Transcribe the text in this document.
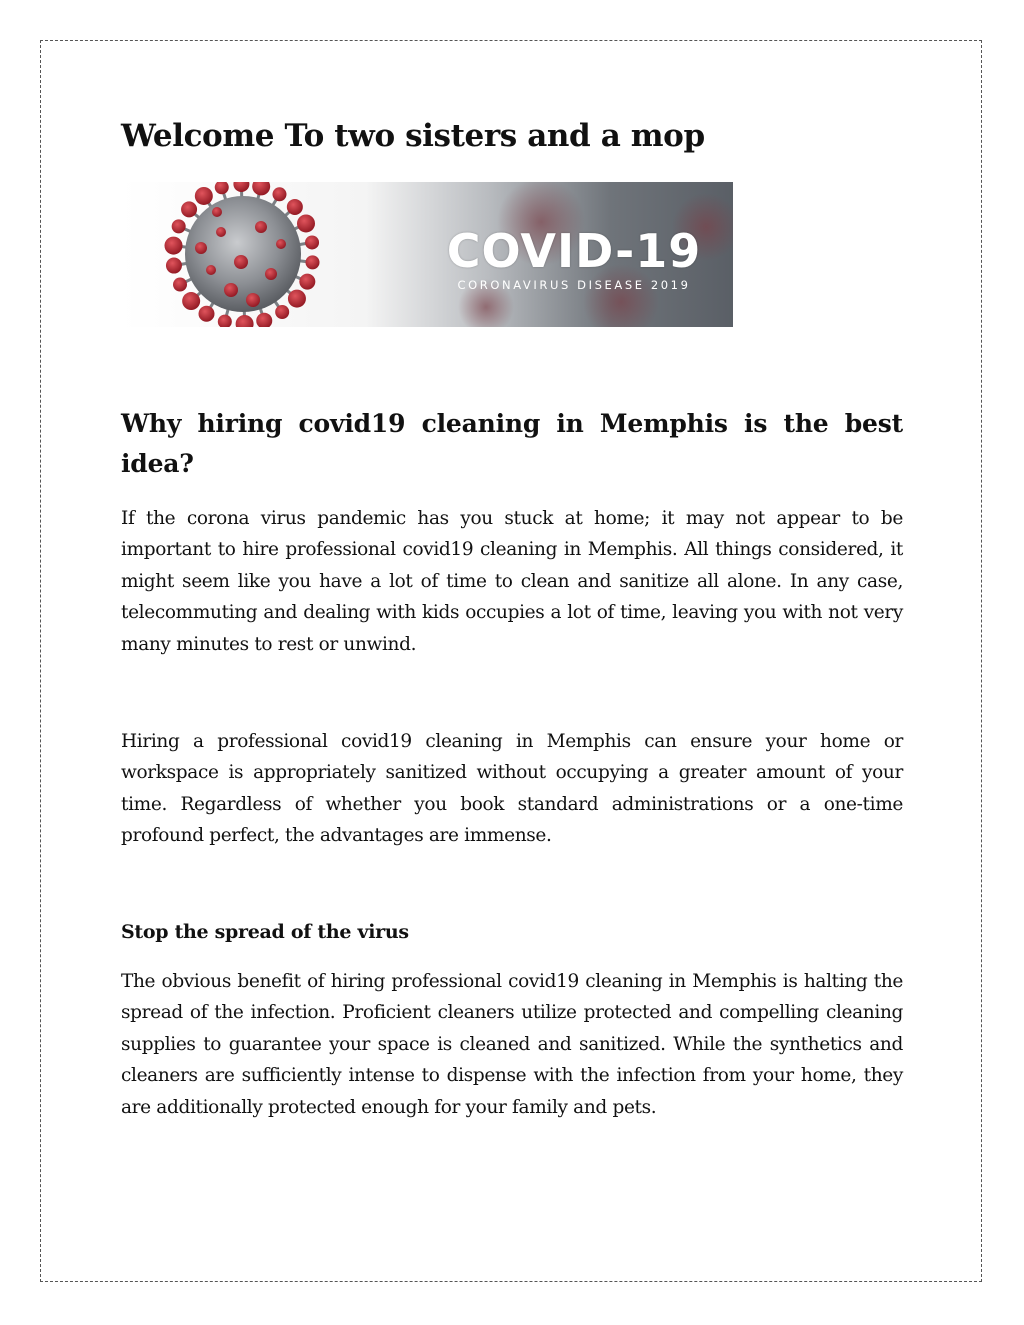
Welcome To two sisters and a mop
COVID-19
CORONAVIRUS DISEASE 2019
Why hiring covid19 cleaning in Memphis is the best idea?

If the corona virus pandemic has you stuck at home; it may not appear to be important to hire professional covid19 cleaning in Memphis. All things considered, it might seem like you have a lot of time to clean and sanitize all alone. In any case, telecommuting and dealing with kids occupies a lot of time, leaving you with not very many minutes to rest or unwind.

Hiring a professional covid19 cleaning in Memphis can ensure your home or workspace is appropriately sanitized without occupying a greater amount of your time. Regardless of whether you book standard administrations or a one-time profound perfect, the advantages are immense.

Stop the spread of the virus

The obvious benefit of hiring professional covid19 cleaning in Memphis is halting the spread of the infection. Proficient cleaners utilize protected and compelling cleaning supplies to guarantee your space is cleaned and sanitized. While the synthetics and cleaners are sufficiently intense to dispense with the infection from your home, they are additionally protected enough for your family and pets.
